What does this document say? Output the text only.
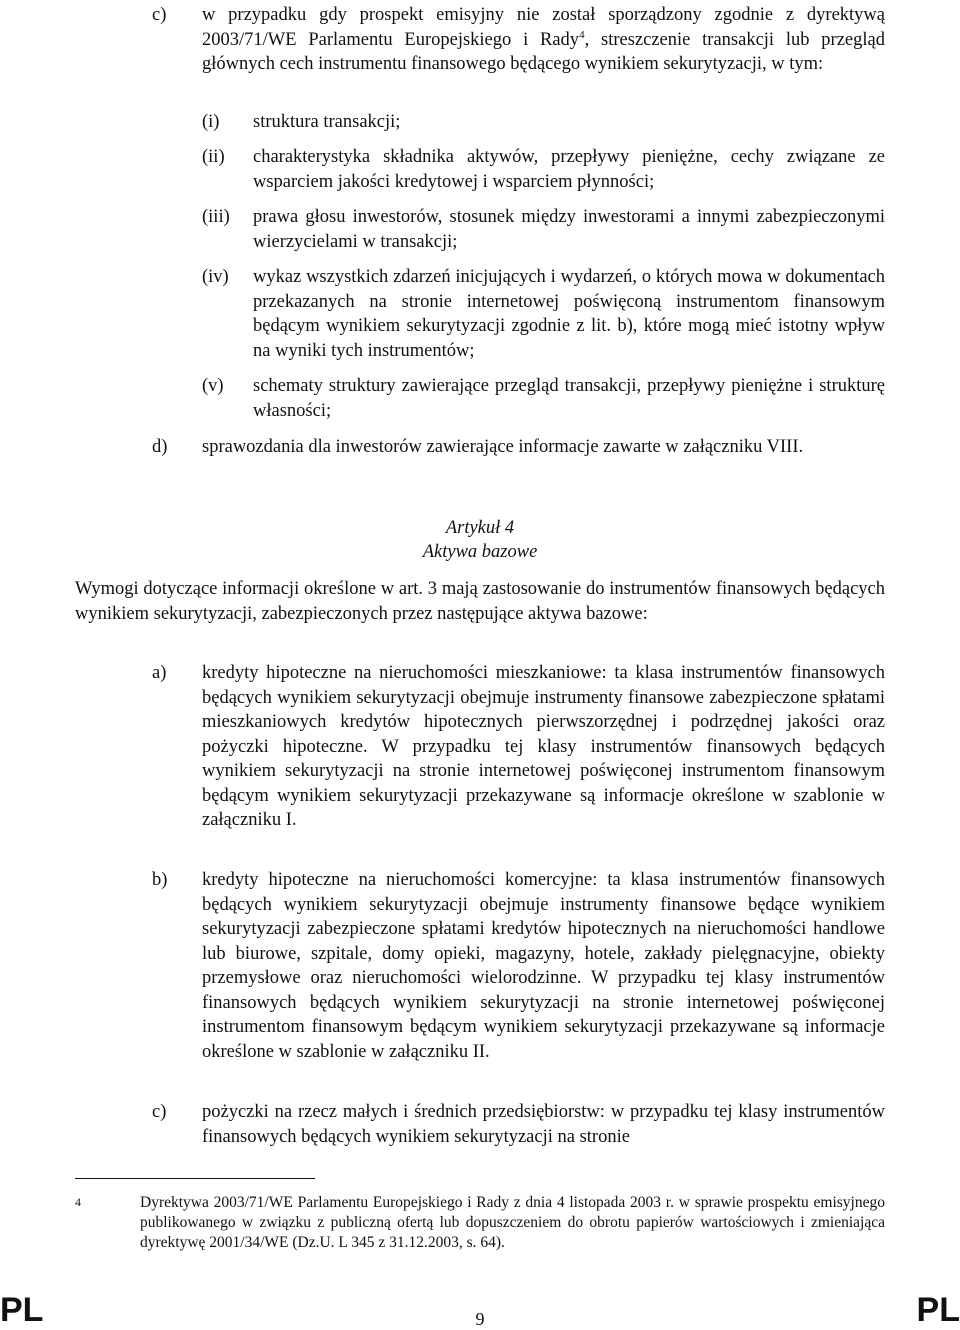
c) w przypadku gdy prospekt emisyjny nie został sporządzony zgodnie z dyrektywą 2003/71/WE Parlamentu Europejskiego i Rady$^4$, streszczenie transakcji lub przegląd głównych cech instrumentu finansowego będącego wynikiem sekurytyzacji, w tym:
(i) struktura transakcji;
(ii) charakterystyka składnika aktywów, przepływy pieniężne, cechy związane ze wsparciem jakości kredytowej i wsparciem płynności;
(iii) prawa głosu inwestorów, stosunek między inwestorami a innymi zabezpieczonymi wierzycielami w transakcji;
(iv) wykaz wszystkich zdarzeń inicjujących i wydarzeń, o których mowa w dokumentach przekazanych na stronie internetowej poświęconą instrumentom finansowym będącym wynikiem sekurytyzacji zgodnie z lit. b), które mogą mieć istotny wpływ na wyniki tych instrumentów;
(v) schematy struktury zawierające przegląd transakcji, przepływy pieniężne i strukturę własności;
d) sprawozdania dla inwestorów zawierające informacje zawarte w załączniku VIII.
Artykuł 4
Aktywa bazowe
Wymogi dotyczące informacji określone w art. 3 mają zastosowanie do instrumentów finansowych będących wynikiem sekurytyzacji, zabezpieczonych przez następujące aktywa bazowe:
a) kredyty hipoteczne na nieruchomości mieszkaniowe: ta klasa instrumentów finansowych będących wynikiem sekurytyzacji obejmuje instrumenty finansowe zabezpieczone spłatami mieszkaniowych kredytów hipotecznych pierwszorzędnej i podrzędnej jakości oraz pożyczki hipoteczne. W przypadku tej klasy instrumentów finansowych będących wynikiem sekurytyzacji na stronie internetowej poświęconej instrumentom finansowym będącym wynikiem sekurytyzacji przekazywane są informacje określone w szablonie w załączniku I.
b) kredyty hipoteczne na nieruchomości komercyjne: ta klasa instrumentów finansowych będących wynikiem sekurytyzacji obejmuje instrumenty finansowe będące wynikiem sekurytyzacji zabezpieczone spłatami kredytów hipotecznych na nieruchomości handlowe lub biurowe, szpitale, domy opieki, magazyny, hotele, zakłady pielęgnacyjne, obiekty przemysłowe oraz nieruchomości wielorodzinne. W przypadku tej klasy instrumentów finansowych będących wynikiem sekurytyzacji na stronie internetowej poświęconej instrumentom finansowym będącym wynikiem sekurytyzacji przekazywane są informacje określone w szablonie w załączniku II.
c) pożyczki na rzecz małych i średnich przedsiębiorstw: w przypadku tej klasy instrumentów finansowych będących wynikiem sekurytyzacji na stronie
4	Dyrektywa 2003/71/WE Parlamentu Europejskiego i Rady z dnia 4 listopada 2003 r. w sprawie prospektu emisyjnego publikowanego w związku z publiczną ofertą lub dopuszczeniem do obrotu papierów wartościowych i zmieniająca dyrektywę 2001/34/WE (Dz.U. L 345 z 31.12.2003, s. 64).
PL	9	PL
